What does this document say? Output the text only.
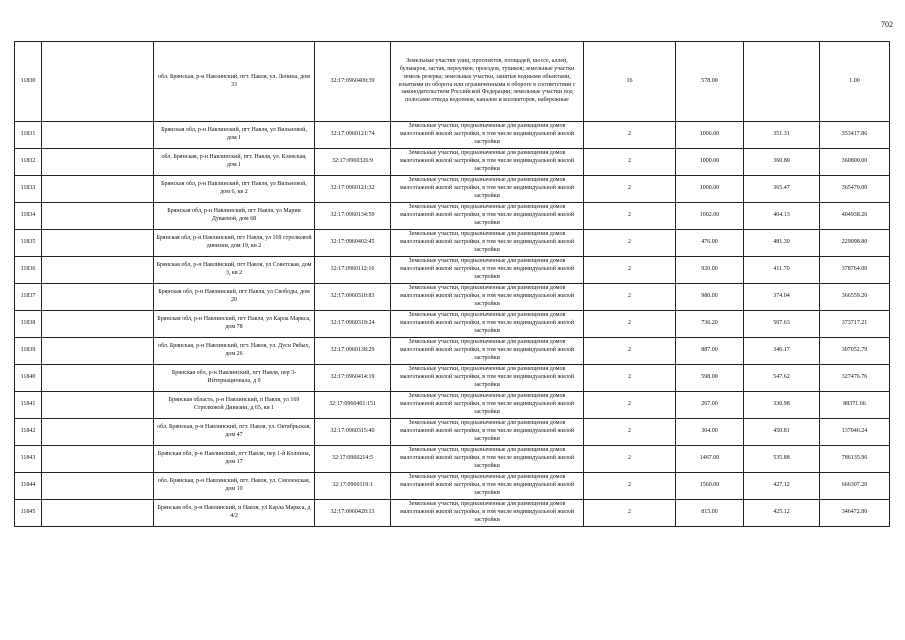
702
11830		обл. Брянская, р-н Навлинский, пгт. Навля, ул. Ленина, дом 33	32:17:0960409:39	Земельные участки улиц, проспектов, площадей, шоссе, аллей, бульваров, застав, переулков, проездов, тупиков; земельные участки земель резерва; земельные участки, занятые водными объектами, изъятыми из оборота или ограниченными в обороте в соответствии с законодательством Российской Федерации; земельные участки под полосами отвода водоемов, каналов и коллекторов, набережные	16	578.00		1.00
11831		Брянская обл, р-н Навлинский, пгт Навля, ул Вильновой, дом 1	32:17:0960121:74	Земельные участки, предназначенные для размещения домов малоэтажной жилой застройки, в том числе индивидуальной жилой застройки	2	1006.00	351.31	353417.86
11832		обл. Брянская, р-н Навлинский, пгт. Навля, ул. Клевская, дом 1	32:17:0960326:9	Земельные участки, предназначенные для размещения домов малоэтажной жилой застройки, в том числе индивидуальной жилой застройки	2	1000.00	360.80	360800.00
11833		Брянская обл, р-н Навлинский, пгт Навля, ул Вильновой, дом 6, кв 2	32:17:0960121:32	Земельные участки, предназначенные для размещения домов малоэтажной жилой застройки, в том числе индивидуальной жилой застройки	2	1000.00	365.47	365470.00
11834		Брянская обл, р-н Навлинский, пгт Навля, ул Марии Дуваевой, дом 68	32:17:0960134:59	Земельные участки, предназначенные для размещения домов малоэтажной жилой застройки, в том числе индивидуальной жилой застройки	2	1002.00	404.13	404938.26
11835		Брянская обл, р-н Навлинский, пгт Навля, ул 169 стрелковой дивизии, дом 19, кв 2	32:17:0960402:45	Земельные участки, предназначенные для размещения домов малоэтажной жилой застройки, в том числе индивидуальной жилой застройки	2	476.00	481.30	229098.80
11836		Брянская обл, р-н Навлинский, пгт Навля, ул Советская, дом 3, кв 2	32:17:0960112:16	Земельные участки, предназначенные для размещения домов малоэтажной жилой застройки, в том числе индивидуальной жилой застройки	2	920.00	411.70	378764.00
11837		Брянская обл, р-н Навлинский, пгт Навля, ул Свободы, дом 20	32:17:0960310:83	Земельные участки, предназначенные для размещения домов малоэтажной жилой застройки, в том числе индивидуальной жилой застройки	2	980.00	374.04	366559.20
11838		Брянская обл, р-н Навлинский, пгт Навля, ул Карла Маркса, дом 78	32:17:0960319:24	Земельные участки, предназначенные для размещения домов малоэтажной жилой застройки, в том числе индивидуальной жилой застройки	2	736.20	507.63	373717.21
11839		обл. Брянская, р-н Навлинский, пгт. Навля, ул. Дуси Рябых, дом 26	32:17:0960138:29	Земельные участки, предназначенные для размещения домов малоэтажной жилой застройки, в том числе индивидуальной жилой застройки	2	887.00	346.17	307052.79
11840		Брянская обл, р-н Навлинский, пгт Навля, пер 3-Интернационала, д 9	32:17:0960414:19	Земельные участки, предназначенные для размещения домов малоэтажной жилой застройки, в том числе индивидуальной жилой застройки	2	598.00	547.62	327476.76
11841		Брянская область, р-н Навлинский, п Навля, ул 169 Стрелковой Дивизии, д 65, кв 1	32:17:0960401:151	Земельные участки, предназначенные для размещения домов малоэтажной жилой застройки, в том числе индивидуальной жилой застройки	2	267.00	330.98	88371.66
11842		обл. Брянская, р-н Навлинский, пгт. Навля, ул. Октябрьская, дом 47	32:17:0960315:40	Земельные участки, предназначенные для размещения домов малоэтажной жилой застройки, в том числе индивидуальной жилой застройки	2	304.00	450.81	137046.24
11843		Брянская обл, р-н Навлинский, пгт Навля, пер 1-й Колпина, дом 17	32:17:0960214:5	Земельные участки, предназначенные для размещения домов малоэтажной жилой застройки, в том числе индивидуальной жилой застройки	2	1467.00	535.88	786135.96
11844		обл. Брянская, р-н Навлинский, пгт. Навля, ул. Смоленская, дом 10	32:17:0960119:1	Земельные участки, предназначенные для размещения домов малоэтажной жилой застройки, в том числе индивидуальной жилой застройки	2	1560.00	427.12	666307.20
11845		Брянская обл, р-н Навлинский, п Навля, ул Карла Маркса, д 4/2	32:17:0960420:13	Земельные участки, предназначенные для размещения домов малоэтажной жилой застройки, в том числе индивидуальной жилой застройки	2	815.00	425.12	346472.80
